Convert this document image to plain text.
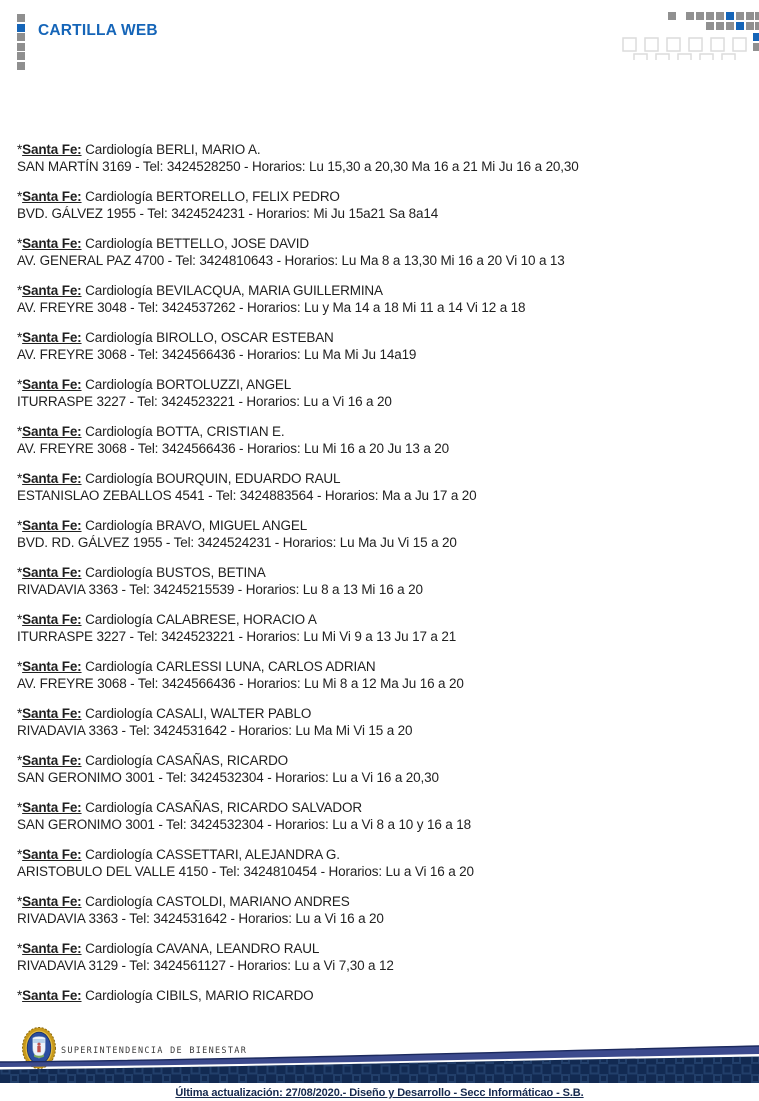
CARTILLA WEB
*Santa Fe: Cardiología BERLI, MARIO A.
SAN MARTÍN 3169 - Tel: 3424528250 - Horarios: Lu 15,30 a 20,30 Ma 16 a 21 Mi Ju 16 a 20,30
*Santa Fe: Cardiología BERTORELLO, FELIX PEDRO
BVD. GÁLVEZ 1955 - Tel: 3424524231 - Horarios: Mi Ju 15a21 Sa 8a14
*Santa Fe: Cardiología BETTELLO, JOSE DAVID
AV. GENERAL PAZ 4700 - Tel: 3424810643 - Horarios: Lu Ma 8 a 13,30 Mi 16 a 20 Vi 10 a 13
*Santa Fe: Cardiología BEVILACQUA, MARIA GUILLERMINA
AV. FREYRE 3048 - Tel: 3424537262 - Horarios: Lu y Ma 14 a 18 Mi 11 a 14 Vi 12 a 18
*Santa Fe: Cardiología BIROLLO, OSCAR ESTEBAN
AV. FREYRE 3068 - Tel: 3424566436 - Horarios: Lu Ma Mi Ju 14a19
*Santa Fe: Cardiología BORTOLUZZI, ANGEL
ITURRASPE 3227 - Tel: 3424523221 - Horarios: Lu a Vi 16 a 20
*Santa Fe: Cardiología BOTTA, CRISTIAN E.
AV. FREYRE 3068 - Tel: 3424566436 - Horarios: Lu Mi 16 a 20 Ju 13 a 20
*Santa Fe: Cardiología BOURQUIN, EDUARDO RAUL
ESTANISLAO ZEBALLOS 4541 - Tel: 3424883564 - Horarios: Ma a Ju 17 a 20
*Santa Fe: Cardiología BRAVO, MIGUEL ANGEL
BVD. RD. GÁLVEZ 1955 - Tel: 3424524231 - Horarios: Lu Ma Ju Vi 15 a 20
*Santa Fe: Cardiología BUSTOS, BETINA
RIVADAVIA 3363 - Tel: 34245215539 - Horarios: Lu 8 a 13 Mi 16 a 20
*Santa Fe: Cardiología CALABRESE, HORACIO A
ITURRASPE 3227 - Tel: 3424523221 - Horarios: Lu Mi Vi 9 a 13 Ju 17 a 21
*Santa Fe: Cardiología CARLESSI LUNA, CARLOS ADRIAN
AV. FREYRE 3068 - Tel: 3424566436 - Horarios: Lu Mi 8 a 12 Ma Ju 16 a 20
*Santa Fe: Cardiología CASALI, WALTER PABLO
RIVADAVIA 3363 - Tel: 3424531642 - Horarios: Lu Ma Mi Vi 15 a 20
*Santa Fe: Cardiología CASAÑAS, RICARDO
SAN GERONIMO 3001 - Tel: 3424532304 - Horarios: Lu a Vi 16 a 20,30
*Santa Fe: Cardiología CASAÑAS, RICARDO SALVADOR
SAN GERONIMO 3001 - Tel: 3424532304 - Horarios: Lu a Vi 8 a 10 y 16 a 18
*Santa Fe: Cardiología CASSETTARI, ALEJANDRA G.
ARISTOBULO DEL VALLE 4150 - Tel: 3424810454 - Horarios: Lu a Vi 16 a 20
*Santa Fe: Cardiología CASTOLDI, MARIANO ANDRES
RIVADAVIA 3363 - Tel: 3424531642 - Horarios: Lu a Vi 16 a 20
*Santa Fe: Cardiología CAVANA, LEANDRO RAUL
RIVADAVIA 3129 - Tel: 3424561127 - Horarios: Lu a Vi 7,30 a 12
*Santa Fe: Cardiología CIBILS, MARIO RICARDO
SUPERINTENDENCIA DE BIENESTAR
Última actualización: 27/08/2020.- Diseño y Desarrollo - Secc Informáticao - S.B.
